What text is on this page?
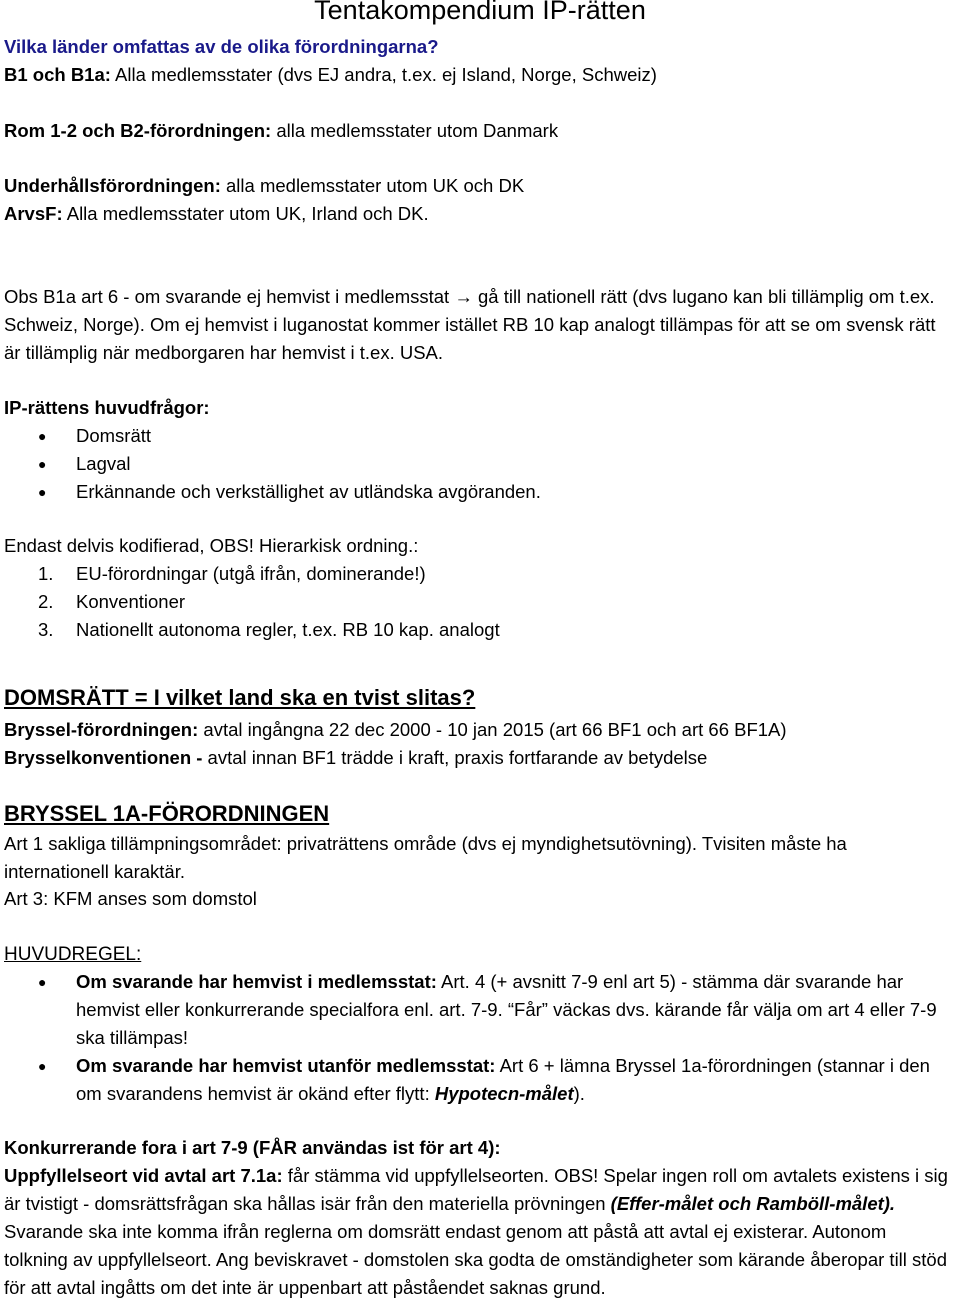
Tentakompendium IP-rätten
Vilka länder omfattas av de olika förordningarna?
B1 och B1a: Alla medlemsstater (dvs EJ andra, t.ex. ej Island, Norge, Schweiz)
Rom 1-2 och B2-förordningen: alla medlemsstater utom Danmark
Underhållsförordningen: alla medlemsstater utom UK och DK
ArvsF: Alla medlemsstater utom UK, Irland och DK.
Obs B1a art 6 - om svarande ej hemvist i medlemsstat → gå till nationell rätt (dvs lugano kan bli tillämplig om t.ex. Schweiz, Norge). Om ej hemvist i luganostat kommer istället RB 10 kap analogt tillämpas för att se om svensk rätt är tillämplig när medborgaren har hemvist i t.ex. USA.
IP-rättens huvudfrågor:
● Domsrätt
● Lagval
● Erkännande och verkställighet av utländska avgöranden.
Endast delvis kodifierad, OBS! Hierarkisk ordning.:
1. EU-förordningar (utgå ifrån, dominerande!)
2. Konventioner
3. Nationellt autonoma regler, t.ex. RB 10 kap. analogt
DOMSRÄTT = I vilket land ska en tvist slitas?
Bryssel-förordningen: avtal ingångna 22 dec 2000 - 10 jan 2015 (art 66 BF1 och art 66 BF1A)
Brysselkonventionen - avtal innan BF1 trädde i kraft, praxis fortfarande av betydelse
BRYSSEL 1A-FÖRORDNINGEN
Art 1 sakliga tillämpningsområdet: privaträttens område (dvs ej myndighetsutövning). Tvisiten måste ha internationell karaktär.
Art 3: KFM anses som domstol
HUVUDREGEL:
● Om svarande har hemvist i medlemsstat: Art. 4 (+ avsnitt 7-9 enl art 5) - stämma där svarande har hemvist eller konkurrerande specialfora enl. art. 7-9. “Får” väckas dvs. kärande får välja om art 4 eller 7-9 ska tillämpas!
● Om svarande har hemvist utanför medlemsstat: Art 6 + lämna Bryssel 1a-förordningen (stannar i den om svarandens hemvist är okänd efter flytt: Hypotecn-målet).
Konkurrerande fora i art 7-9 (FÅR användas ist för art 4):
Uppfyllelseort vid avtal art 7.1a: får stämma vid uppfyllelseorten. OBS! Spelar ingen roll om avtalets existens i sig är tvistigt - domsrättsfrågan ska hållas isär från den materiella prövningen (Effer-målet och Ramböll-målet). Svarande ska inte komma ifrån reglerna om domsrätt endast genom att påstå att avtal ej existerar. Autonom tolkning av uppfyllelseort. Ang beviskravet - domstolen ska godta de omständigheter som kärande åberopar till stöd för att avtal ingåtts om det inte är uppenbart att påståendet saknas grund.
